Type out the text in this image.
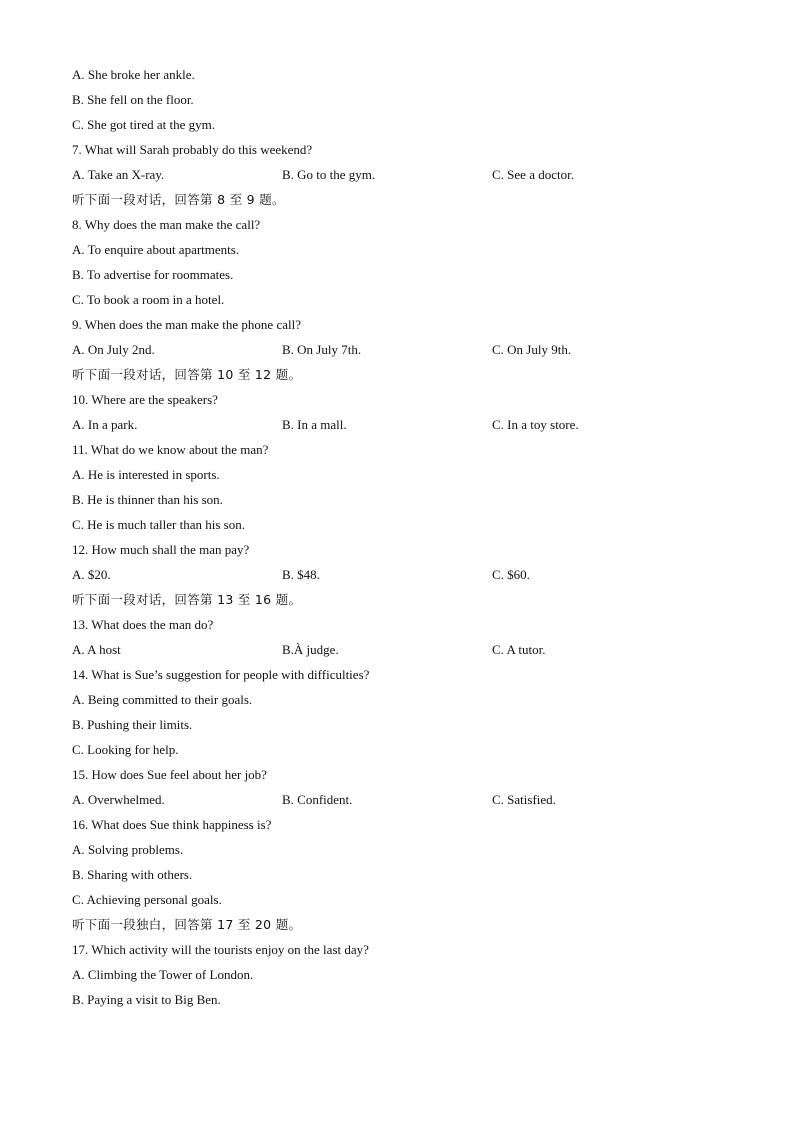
A. She broke her ankle.
B. She fell on the floor.
C. She got tired at the gym.
7. What will Sarah probably do this weekend?
A. Take an X-ray.	B. Go to the gym.	C. See a doctor.
听下面一段对话，回答第 8 至 9 题。
8. Why does the man make the call?
A. To enquire about apartments.
B. To advertise for roommates.
C. To book a room in a hotel.
9. When does the man make the phone call?
A. On July 2nd.	B. On July 7th.	C. On July 9th.
听下面一段对话，回答第 10 至 12 题。
10. Where are the speakers?
A. In a park.	B. In a mall.	C. In a toy store.
11. What do we know about the man?
A. He is interested in sports.
B. He is thinner than his son.
C. He is much taller than his son.
12. How much shall the man pay?
A. $20.	B. $48.	C. $60.
听下面一段对话，回答第 13 至 16 题。
13. What does the man do?
A. A host	B.À judge.	C. A tutor.
14. What is Sue’s suggestion for people with difficulties?
A. Being committed to their goals.
B. Pushing their limits.
C. Looking for help.
15. How does Sue feel about her job?
A. Overwhelmed.	B. Confident.	C. Satisfied.
16. What does Sue think happiness is?
A. Solving problems.
B. Sharing with others.
C. Achieving personal goals.
听下面一段独白，回答第 17 至 20 题。
17. Which activity will the tourists enjoy on the last day?
A. Climbing the Tower of London.
B. Paying a visit to Big Ben.
